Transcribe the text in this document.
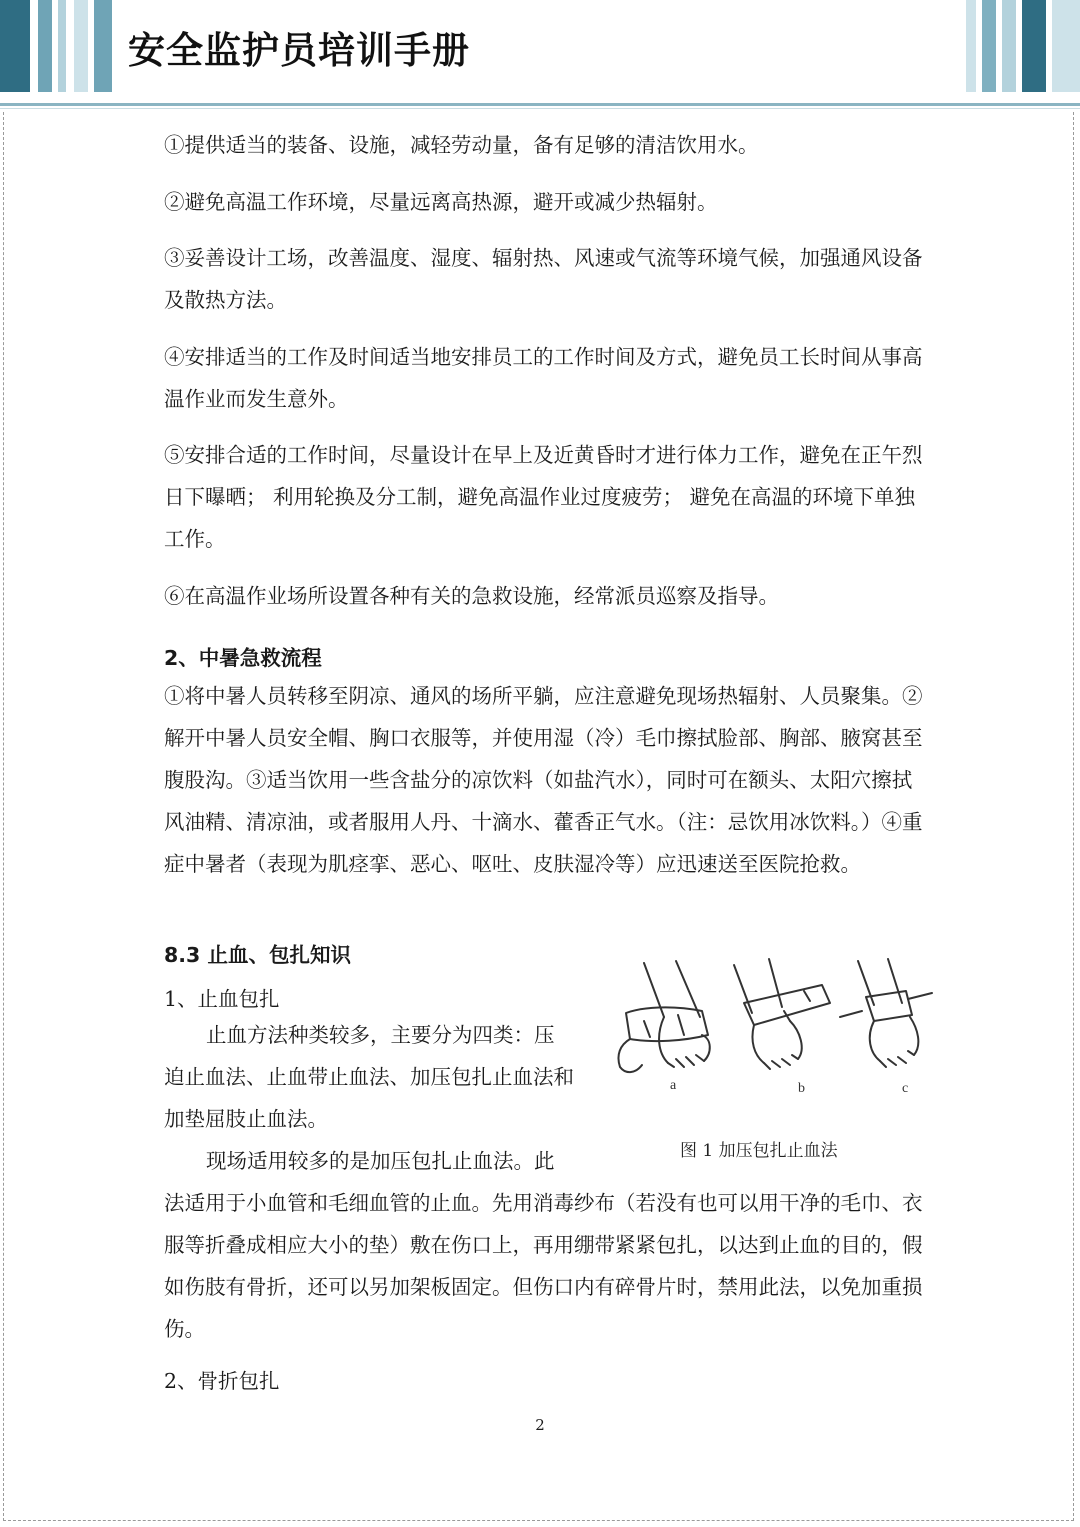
安全监护员培训手册

①提供适当的装备、设施，减轻劳动量，备有足够的清洁饮用水。

②避免高温工作环境，尽量远离高热源，避开或减少热辐射。

③妥善设计工场，改善温度、湿度、辐射热、风速或气流等环境气候，加强通风设备及散热方法。

④安排适当的工作及时间适当地安排员工的工作时间及方式，避免员工长时间从事高温作业而发生意外。

⑤安排合适的工作时间，尽量设计在早上及近黄昏时才进行体力工作，避免在正午烈日下曝晒； 利用轮换及分工制，避免高温作业过度疲劳； 避免在高温的环境下单独工作。

⑥在高温作业场所设置各种有关的急救设施，经常派员巡察及指导。

2、中暑急救流程

①将中暑人员转移至阴凉、通风的场所平躺，应注意避免现场热辐射、人员聚集。②解开中暑人员安全帽、胸口衣服等，并使用湿（冷）毛巾擦拭脸部、胸部、腋窝甚至腹股沟。③适当饮用一些含盐分的凉饮料（如盐汽水），同时可在额头、太阳穴擦拭风油精、清凉油，或者服用人丹、十滴水、藿香正气水。（注：忌饮用冰饮料。）④重症中暑者（表现为肌痉挛、恶心、呕吐、皮肤湿冷等）应迅速送至医院抢救。

8.3 止血、包扎知识

1、止血包扎

止血方法种类较多，主要分为四类：压迫止血法、止血带止血法、加压包扎止血法和加垫屈肢止血法。

现场适用较多的是加压包扎止血法。此

法适用于小血管和毛细血管的止血。先用消毒纱布（若没有也可以用干净的毛巾、衣服等折叠成相应大小的垫）敷在伤口上，再用绷带紧紧包扎，以达到止血的目的，假如伤肢有骨折，还可以另加架板固定。但伤口内有碎骨片时，禁用此法，以免加重损伤。

2、骨折包扎

a	b	c
图 1 加压包扎止血法
2
